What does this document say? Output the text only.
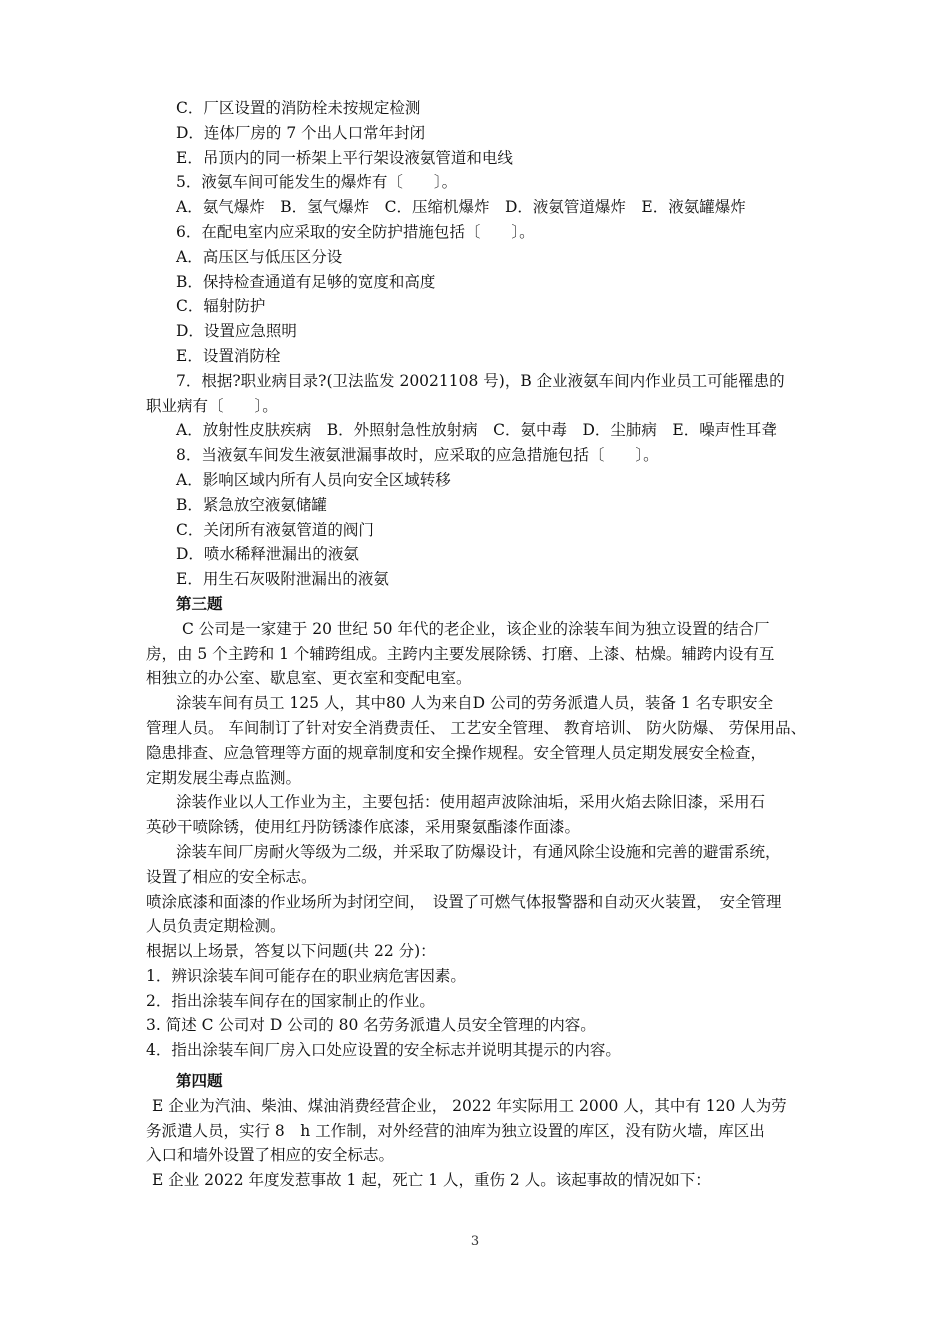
C．厂区设置的消防栓未按规定检测
D．连体厂房的 7 个出人口常年封闭
E．吊顶内的同一桥架上平行架设液氨管道和电线
5．液氨车间可能发生的爆炸有〔　　〕。
A．氨气爆炸　B．氢气爆炸　C．压缩机爆炸　D．液氨管道爆炸　E．液氨罐爆炸
6．在配电室内应采取的安全防护措施包括〔　　〕。
A．高压区与低压区分设
B．保持检查通道有足够的宽度和高度
C．辐射防护
D．设置应急照明
E．设置消防栓
7．根据?职业病目录?(卫法监发 20021108 号)，B 企业液氨车间内作业员工可能罹患的
职业病有〔　　〕。
A．放射性皮肤疾病　B．外照射急性放射病　C．氨中毒　D．尘肺病　E．噪声性耳聋
8．当液氨车间发生液氨泄漏事故时，应采取的应急措施包括〔　　〕。
A．影响区域内所有人员向安全区域转移
B．紧急放空液氨储罐
C．关闭所有液氨管道的阀门
D．喷水稀释泄漏出的液氨
E．用生石灰吸附泄漏出的液氨
第三题
C 公司是一家建于 20 世纪 50 年代的老企业，该企业的涂装车间为独立设置的结合厂
房，由 5 个主跨和 1 个辅跨组成。主跨内主要发展除锈、打磨、上漆、枯燥。辅跨内设有互
相独立的办公室、歇息室、更衣室和变配电室。
涂装车间有员工 125 人，其中80 人为来自D 公司的劳务派遣人员，装备 1 名专职安全
管理人员。 车间制订了针对安全消费责任、 工艺安全管理、 教育培训、 防火防爆、 劳保用品、
隐患排查、应急管理等方面的规章制度和安全操作规程。安全管理人员定期发展安全检查，
定期发展尘毒点监测。
涂装作业以人工作业为主，主要包括：使用超声波除油垢，采用火焰去除旧漆，采用石
英砂干喷除锈，使用红丹防锈漆作底漆，采用聚氨酯漆作面漆。
涂装车间厂房耐火等级为二级，并采取了防爆设计，有通风除尘设施和完善的避雷系统，
设置了相应的安全标志。
喷涂底漆和面漆的作业场所为封闭空间，　设置了可燃气体报警器和自动灭火装置，　安全管理
人员负责定期检测。
根据以上场景，答复以下问题(共 22 分)：
1．辨识涂装车间可能存在的职业病危害因素。
2．指出涂装车间存在的国家制止的作业。
3. 简述 C 公司对 D 公司的 80 名劳务派遣人员安全管理的内容。
4．指出涂装车间厂房入口处应设置的安全标志并说明其提示的内容。
第四题
E 企业为汽油、柴油、煤油消费经营企业， 2022 年实际用工 2000 人，其中有 120 人为劳
务派遣人员，实行 8　h 工作制，对外经营的油库为独立设置的库区，没有防火墙，库区出
入口和墙外设置了相应的安全标志。
E 企业 2022 年度发惹事故 1 起，死亡 1 人，重伤 2 人。该起事故的情况如下：
3
